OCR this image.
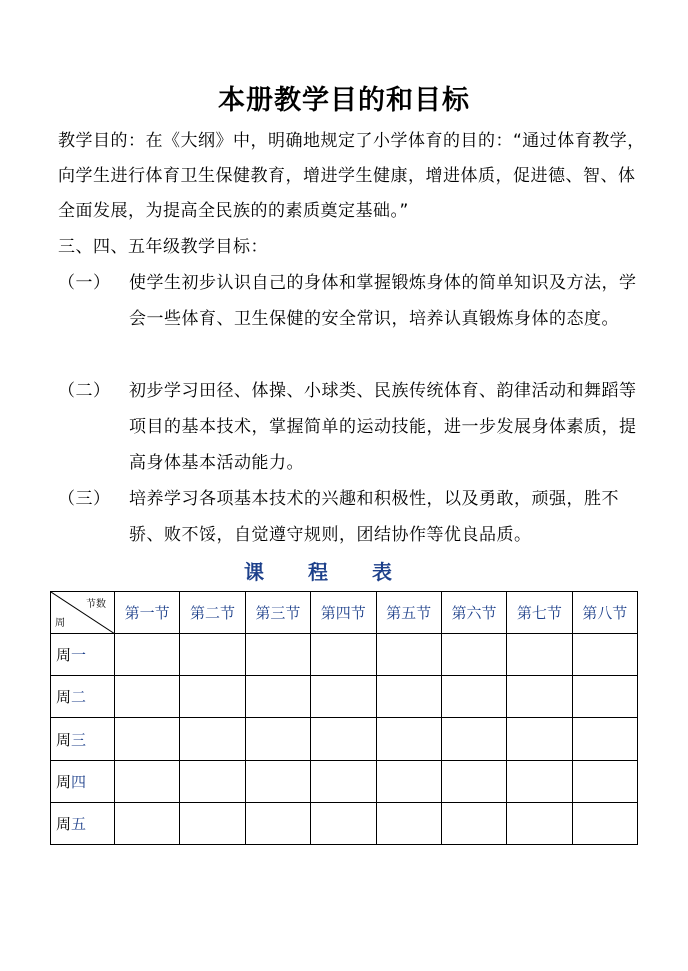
本册教学目的和目标
教学目的：在《大纲》中，明确地规定了小学体育的目的：“通过体育教学，向学生进行体育卫生保健教育，增进学生健康，增进体质，促进德、智、体全面发展，为提高全民族的的素质奠定基础。”
三、四、五年级教学目标：
（一）	使学生初步认识自己的身体和掌握锻炼身体的简单知识及方法，学会一些体育、卫生保健的安全常识，培养认真锻炼身体的态度。
（二）	初步学习田径、体操、小球类、民族传统体育、韵律活动和舞蹈等项目的基本技术，掌握简单的运动技能，进一步发展身体素质，提高身体基本活动能力。
（三）	培养学习各项基本技术的兴趣和积极性，以及勇敢，顽强，胜不骄、败不馁，自觉遵守规则，团结协作等优良品质。
课 程 表
节数
周	第一节	第二节	第三节	第四节	第五节	第六节	第七节	第八节
周一								
周二								
周三								
周四								
周五								
